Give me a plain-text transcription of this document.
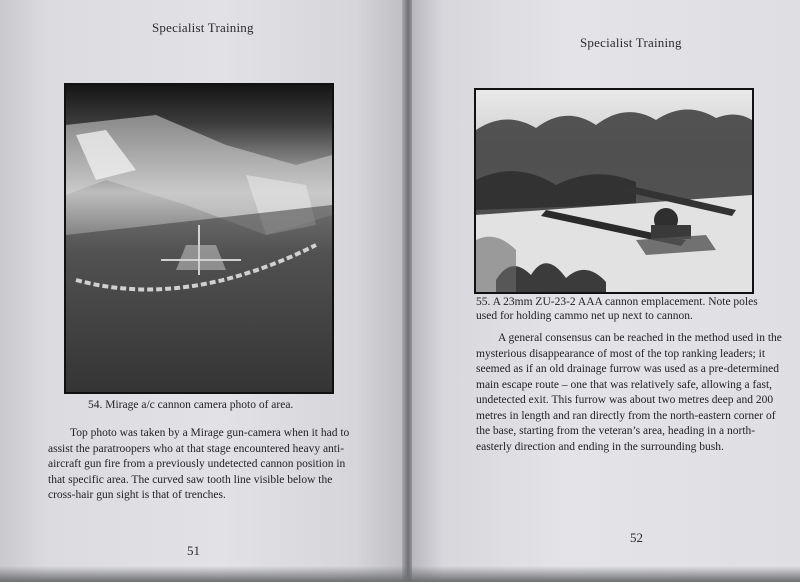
Specialist Training
54. Mirage a/c cannon camera photo of area.
Top photo was taken by a Mirage gun-camera when it had to assist the paratroopers who at that stage encountered heavy anti-aircraft gun fire from a previously undetected cannon position in that specific area. The curved saw tooth line visible below the cross-hair gun sight is that of trenches.
51
Specialist Training
55. A 23mm ZU-23-2 AAA cannon emplacement. Note poles used for holding cammo net up next to cannon.
A general consensus can be reached in the method used in the mysterious disappearance of most of the top ranking leaders; it seemed as if an old drainage furrow was used as a pre-determined main escape route – one that was relatively safe, allowing a fast, undetected exit. This furrow was about two metres deep and 200 metres in length and ran directly from the north-eastern corner of the base, starting from the veteran’s area, heading in a north-easterly direction and ending in the surrounding bush.
52
